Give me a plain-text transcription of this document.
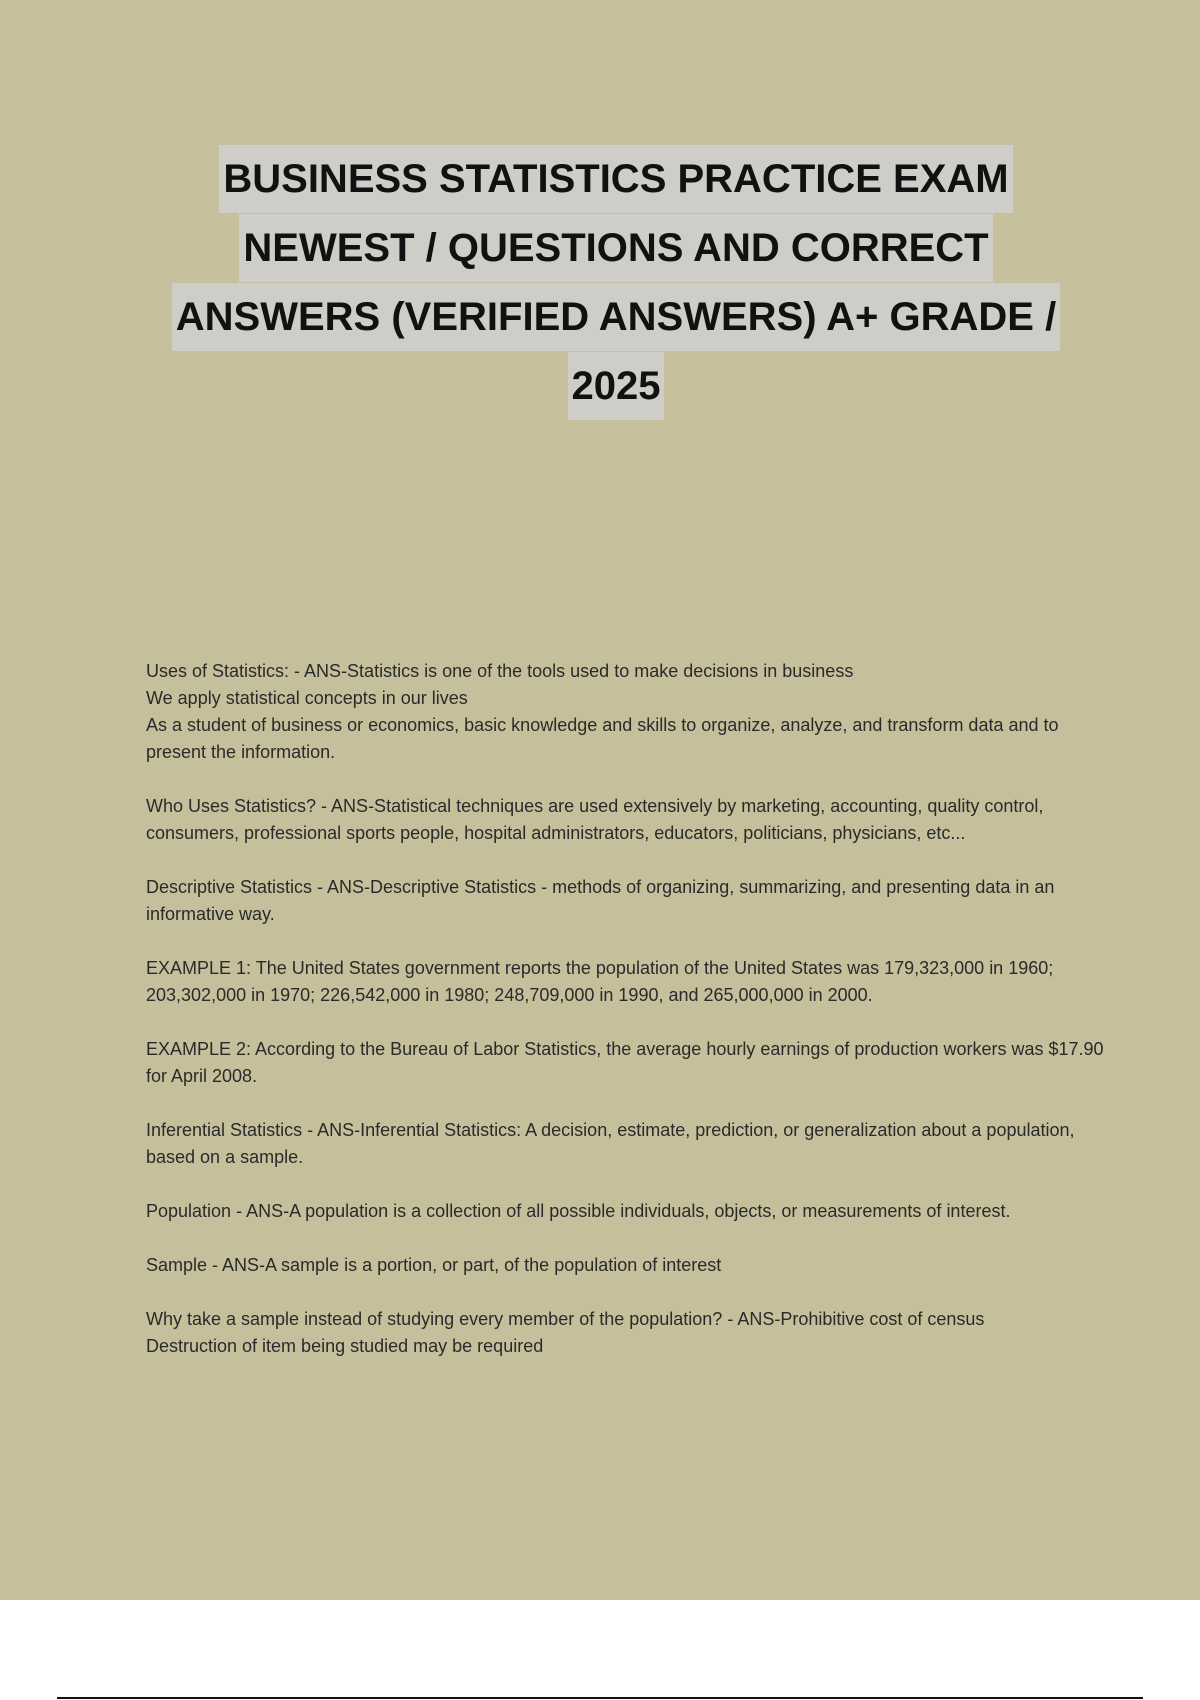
BUSINESS STATISTICS PRACTICE EXAM
NEWEST / QUESTIONS AND CORRECT
ANSWERS (VERIFIED ANSWERS) A+ GRADE /
2025
Uses of Statistics: - ANS-Statistics is one of the tools used to make decisions in business
We apply statistical concepts in our lives
As a student of business or economics, basic knowledge and skills to organize, analyze, and transform data and to present the information.
Who Uses Statistics? - ANS-Statistical techniques are used extensively by marketing, accounting, quality control, consumers, professional sports people, hospital administrators, educators, politicians, physicians, etc...
Descriptive Statistics - ANS-Descriptive Statistics - methods of organizing, summarizing, and presenting data in an informative way.
EXAMPLE 1: The United States government reports the population of the United States was 179,323,000 in 1960; 203,302,000 in 1970; 226,542,000 in 1980; 248,709,000 in 1990, and 265,000,000 in 2000.
EXAMPLE 2: According to the Bureau of Labor Statistics, the average hourly earnings of production workers was $17.90 for April 2008.
Inferential Statistics - ANS-Inferential Statistics: A decision, estimate, prediction, or generalization about a population, based on a sample.
Population - ANS-A population is a collection of all possible individuals, objects, or measurements of interest.
Sample - ANS-A sample is a portion, or part, of the population of interest
Why take a sample instead of studying every member of the population? - ANS-Prohibitive cost of census
Destruction of item being studied may be required
